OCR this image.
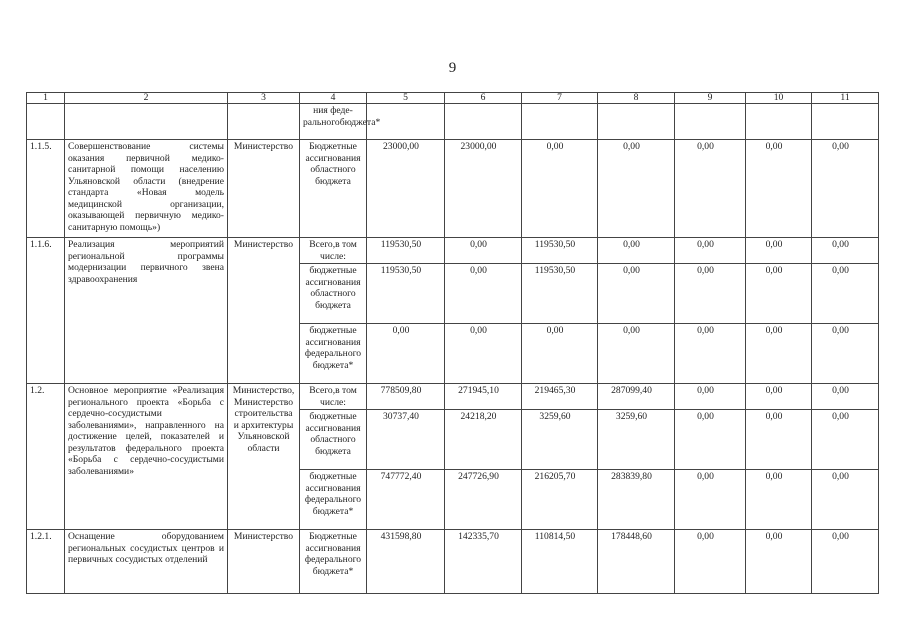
9
1	2	3	4	5	6	7	8	9	10	11
			ния феде-ральногобюджета*							
1.1.5.	Совершенствование системы оказания первичной медико-санитарной помощи населению Ульяновской области (внедрение стандарта «Новая модель медицинской организации, оказывающей первичную медико-санитарную помощь»)	Министерство	Бюджетные ассигнования областного бюджета	23000,00	23000,00	0,00	0,00	0,00	0,00	0,00
1.1.6.	Реализация мероприятий региональной программы модернизации первичного звена здравоохранения	Министерство	Всего,в том числе:	119530,50	0,00	119530,50	0,00	0,00	0,00	0,00
			бюджетные ассигнования областного бюджета	119530,50	0,00	119530,50	0,00	0,00	0,00	0,00
			бюджетные ассигнования федерального бюджета*	0,00	0,00	0,00	0,00	0,00	0,00	0,00
1.2.	Основное мероприятие «Реализация регионального проекта «Борьба с сердечно-сосудистыми заболеваниями», направленного на достижение целей, показателей и результатов федерального проекта «Борьба с сердечно-сосудистыми заболеваниями»	Министерство, Министерство строительства и архитектуры Ульяновской области	Всего,в том числе:	778509,80	271945,10	219465,30	287099,40	0,00	0,00	0,00
			бюджетные ассигнования областного бюджета	30737,40	24218,20	3259,60	3259,60	0,00	0,00	0,00
			бюджетные ассигнования федерального бюджета*	747772,40	247726,90	216205,70	283839,80	0,00	0,00	0,00
1.2.1.	Оснащение оборудованием региональных сосудистых центров и первичных сосудистых отделений	Министерство	Бюджетные ассигнования федерального бюджета*	431598,80	142335,70	110814,50	178448,60	0,00	0,00	0,00
